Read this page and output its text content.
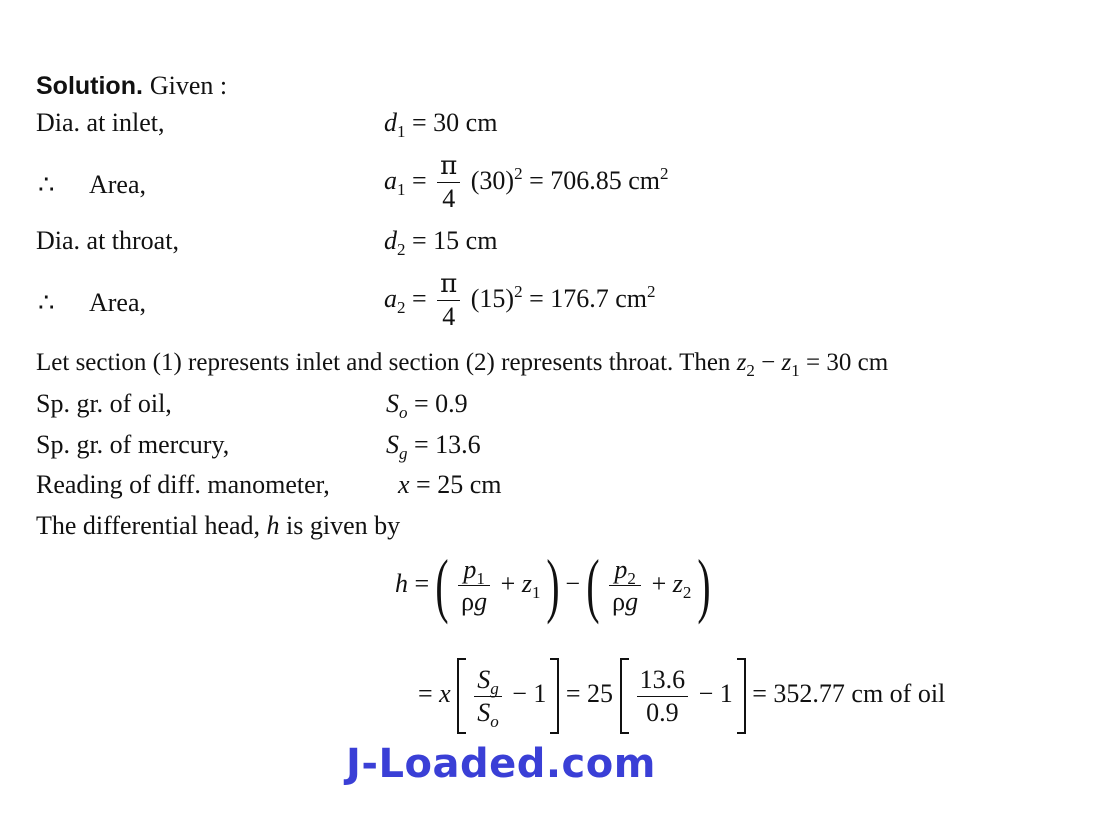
Solution. Given :
Dia. at inlet,	$d_1 = 30$ cm
∴ Area,	$a_1 = \frac{\pi}{4} (30)^2 = 706.85$ $cm^2$
Dia. at throat,	$d_2 = 15$ cm
∴ Area,	$a_2 = \frac{\pi}{4} (15)^2 = 176.7$ $cm^2$
Let section (1) represents inlet and section (2) represents throat. Then $z_2 - z_1 = 30$ cm
Sp. gr. of oil,	$S_o = 0.9$
Sp. gr. of mercury,	$S_g = 13.6$
Reading of diff. manometer,	x = 25 cm
The differential head, h is given by
h = ( $\frac{p_1}{\rho g} + z_1$ ) − ( $\frac{p_2}{\rho g} + z_2$ )
= x $\frac{S_g}{S_o} - 1 = 25 \frac{13.6}{0.9} - 1 = 352.77$ cm of oil
J-Loaded.com
